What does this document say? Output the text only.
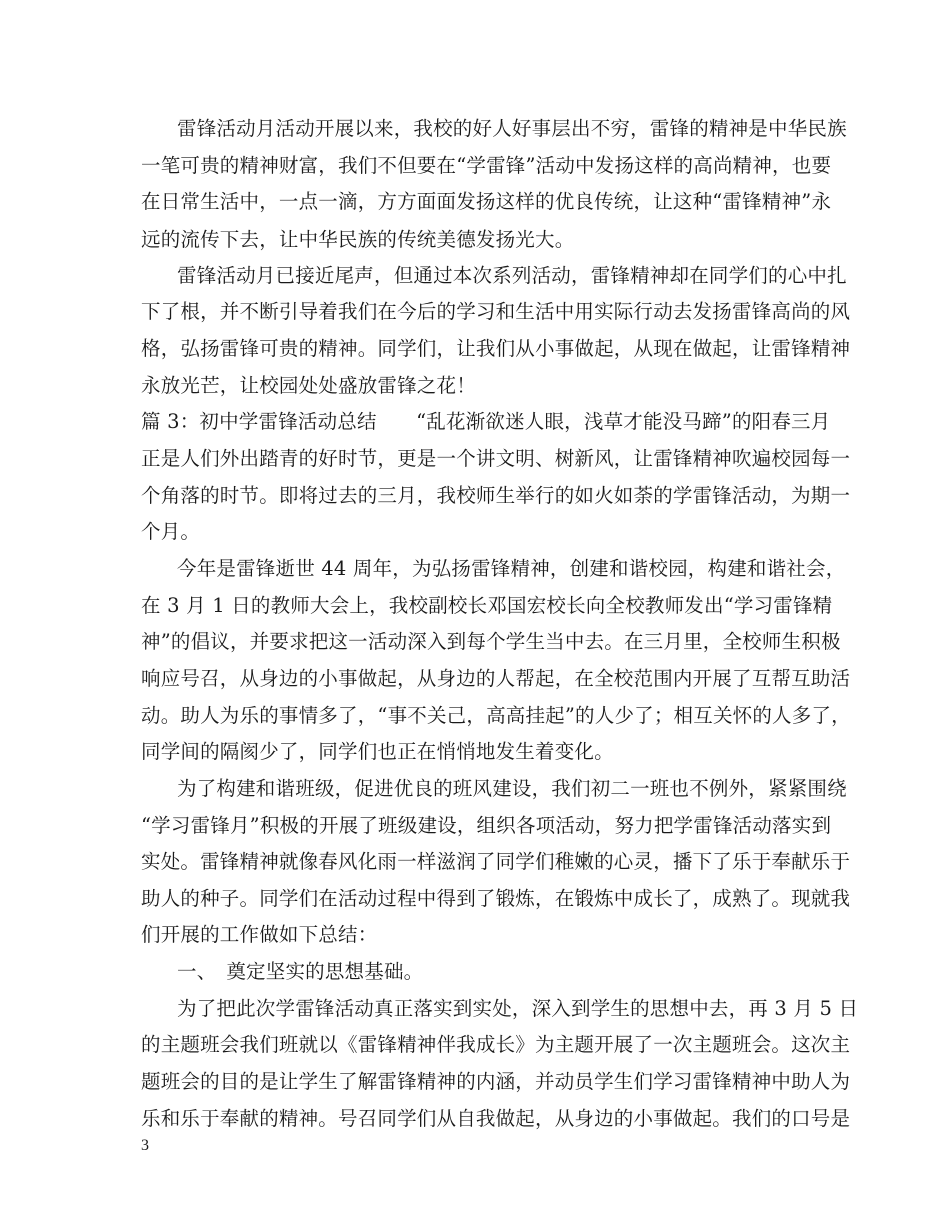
雷锋活动月活动开展以来，我校的好人好事层出不穷，雷锋的精神是中华民族
一笔可贵的精神财富，我们不但要在“学雷锋”活动中发扬这样的高尚精神，也要
在日常生活中，一点一滴，方方面面发扬这样的优良传统，让这种“雷锋精神”永
远的流传下去，让中华民族的传统美德发扬光大。
雷锋活动月已接近尾声，但通过本次系列活动，雷锋精神却在同学们的心中扎
下了根，并不断引导着我们在今后的学习和生活中用实际行动去发扬雷锋高尚的风
格，弘扬雷锋可贵的精神。同学们，让我们从小事做起，从现在做起，让雷锋精神
永放光芒，让校园处处盛放雷锋之花！
篇 3：初中学雷锋活动总结　　“乱花渐欲迷人眼，浅草才能没马蹄”的阳春三月
正是人们外出踏青的好时节，更是一个讲文明、树新风，让雷锋精神吹遍校园每一
个角落的时节。即将过去的三月，我校师生举行的如火如荼的学雷锋活动，为期一
个月。
今年是雷锋逝世 44 周年，为弘扬雷锋精神，创建和谐校园，构建和谐社会，
在 3 月 1 日的教师大会上，我校副校长邓国宏校长向全校教师发出“学习雷锋精
神”的倡议，并要求把这一活动深入到每个学生当中去。在三月里，全校师生积极
响应号召，从身边的小事做起，从身边的人帮起，在全校范围内开展了互帮互助活
动。助人为乐的事情多了，“事不关己，高高挂起”的人少了；相互关怀的人多了，
同学间的隔阂少了，同学们也正在悄悄地发生着变化。
为了构建和谐班级，促进优良的班风建设，我们初二一班也不例外，紧紧围绕
“学习雷锋月”积极的开展了班级建设，组织各项活动，努力把学雷锋活动落实到
实处。雷锋精神就像春风化雨一样滋润了同学们稚嫩的心灵，播下了乐于奉献乐于
助人的种子。同学们在活动过程中得到了锻炼，在锻炼中成长了，成熟了。现就我
们开展的工作做如下总结：
一、　奠定坚实的思想基础。
为了把此次学雷锋活动真正落实到实处，深入到学生的思想中去，再 3 月 5 日
的主题班会我们班就以《雷锋精神伴我成长》为主题开展了一次主题班会。这次主
题班会的目的是让学生了解雷锋精神的内涵，并动员学生们学习雷锋精神中助人为
乐和乐于奉献的精神。号召同学们从自我做起，从身边的小事做起。我们的口号是
3
